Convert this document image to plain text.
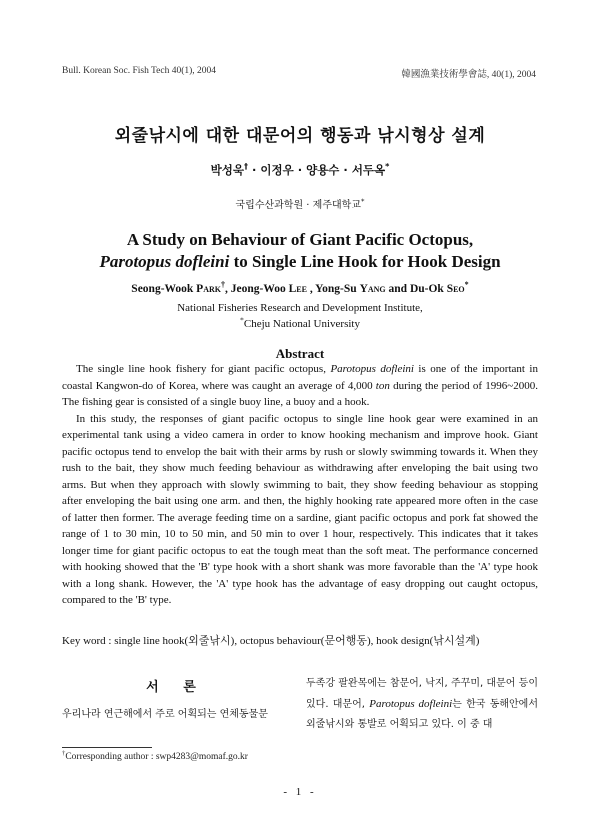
Bull. Korean Soc. Fish Tech 40(1), 2004	韓國漁業技術學會誌, 40(1), 2004
외줄낚시에 대한 대문어의 행동과 낚시형상 설계
박성욱† · 이정우 · 양용수 · 서두옥*
국립수산과학원 · 제주대학교*
A Study on Behaviour of Giant Pacific Octopus,
Parotopus dofleini to Single Line Hook for Hook Design
Seong-Wook Park†, Jeong-Woo Lee , Yong-Su Yang and Du-Ok Seo*
National Fisheries Research and Development Institute,
*Cheju National University
Abstract

The single line hook fishery for giant pacific octopus, Parotopus dofleini is one of the important in coastal Kangwon-do of Korea, where was caught an average of 4,000 ton during the period of 1996~2000. The fishing gear is consisted of a single buoy line, a buoy and a hook.

In this study, the responses of giant pacific octopus to single line hook gear were examined in an experimental tank using a video camera in order to know hooking mechanism and improve hook. Giant pacific octopus tend to envelop the bait with their arms by rush or slowly swimming towards it. When they rush to the bait, they show much feeding behaviour as withdrawing after enveloping the bait using two arms. But when they approach with slowly swimming to bait, they show feeding behaviour as stopping after enveloping the bait using one arm. and then, the highly hooking rate appeared more often in the case of latter then former. The average feeding time on a sardine, giant pacific octopus and pork fat showed the range of 1 to 30 min, 10 to 50 min, and 50 min to over 1 hour, respectively. This indicates that it takes longer time for giant pacific octopus to eat the tough meat than the soft meat. The performance concerned with hooking showed that the 'B' type hook with a short shank was more favorable than the 'A' type hook with a long shank. However, the 'A' type hook has the advantage of easy dropping out caught octopus, compared to the 'B' type.

Key word : single line hook(외줄낚시), octopus behaviour(문어행동), hook design(낚시설계)
서 론
우리나라 연근해에서 주로 어획되는 연체동물문
두족강 팔완목에는 참문어, 낙지, 주꾸미, 대문어 등이 있다. 대문어, Parotopus dofleini는 한국 동해안에서 외줄낚시와 통발로 어획되고 있다. 이 중 대
†Corresponding author : swp4283@momaf.go.kr
- 1 -
